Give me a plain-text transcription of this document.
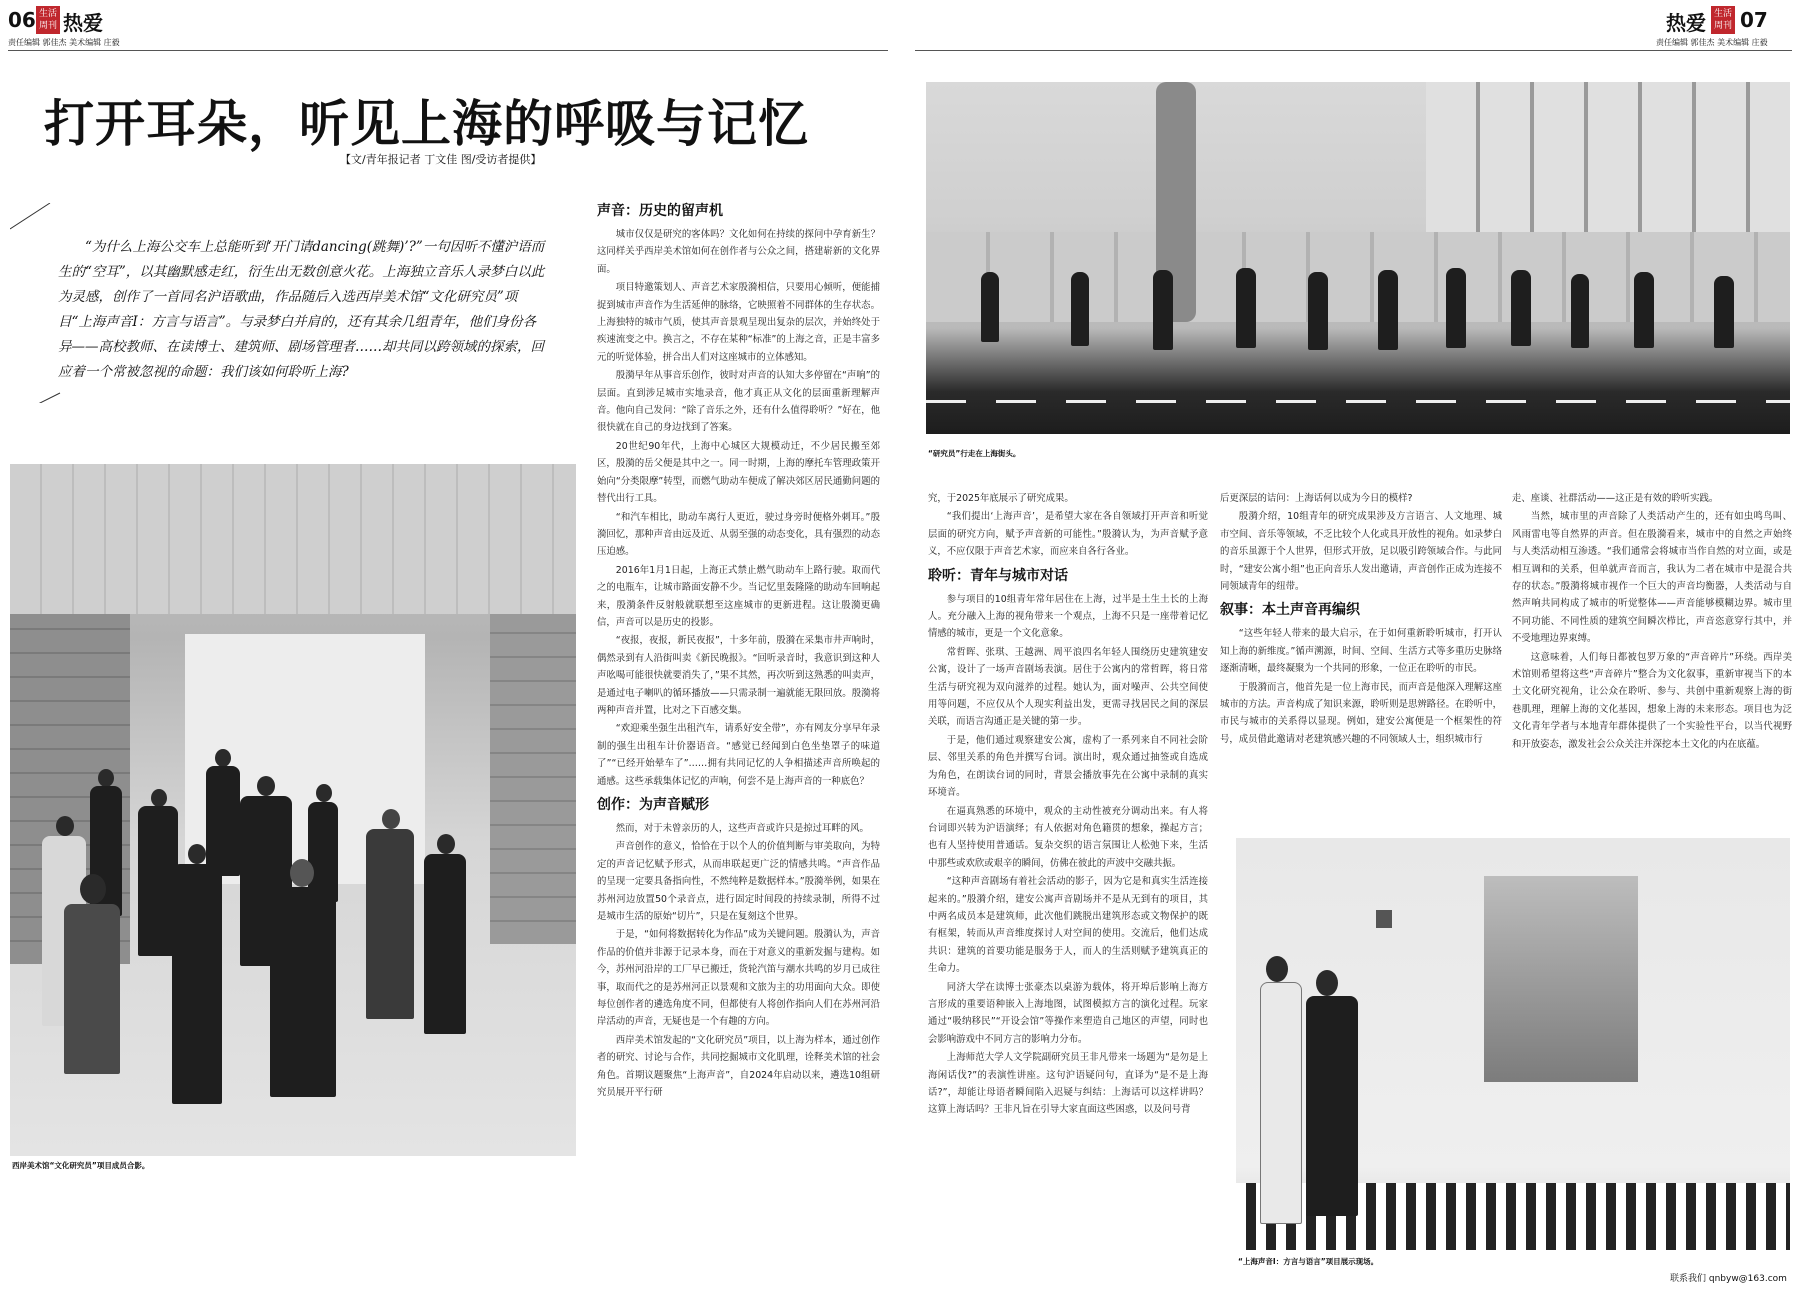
06 生活周刊 热爱
责任编辑 郭佳杰 美术编辑 庄毅
热爱 生活周刊 07
责任编辑 郭佳杰 美术编辑 庄毅
打开耳朵，听见上海的呼吸与记忆
【文/青年报记者 丁文佳 图/受访者提供】

“为什么上海公交车上总能听到‘开门请dancing(跳舞)’?”一句因听不懂沪语而生的“空耳”，以其幽默感走红，衍生出无数创意火花。上海独立音乐人录梦白以此为灵感，创作了一首同名沪语歌曲，作品随后入选西岸美术馆“文化研究员”项目“上海声音Ⅰ：方言与语言”。与录梦白并肩的，还有其余几组青年，他们身份各异——高校教师、在读博士、建筑师、剧场管理者……却共同以跨领域的探索，回应着一个常被忽视的命题：我们该如何聆听上海?

西岸美术馆“文化研究员”项目成员合影。
声音：历史的留声机

城市仅仅是研究的客体吗？文化如何在持续的探问中孕育新生？这同样关乎西岸美术馆如何在创作者与公众之间，搭建崭新的文化界面。

项目特邀策划人、声音艺术家殷漪相信，只要用心倾听，便能捕捉到城市声音作为生活延伸的脉络，它映照着不同群体的生存状态。上海独特的城市气质，使其声音景观呈现出复杂的层次，并始终处于疾速流变之中。换言之，不存在某种“标准”的上海之音，正是丰富多元的听觉体验，拼合出人们对这座城市的立体感知。

殷漪早年从事音乐创作，彼时对声音的认知大多停留在“声响”的层面。直到涉足城市实地录音，他才真正从文化的层面重新理解声音。他向自己发问：“除了音乐之外，还有什么值得聆听？”好在，他很快就在自己的身边找到了答案。

20世纪90年代，上海中心城区大规模动迁，不少居民搬至郊区，殷漪的岳父便是其中之一。同一时期，上海的摩托车管理政策开始向“分类限摩”转型，而燃气助动车便成了解决郊区居民通勤问题的替代出行工具。

“和汽车相比，助动车离行人更近，驶过身旁时便格外刺耳。”殷漪回忆，那种声音由远及近、从弱至强的动态变化，具有强烈的动态压迫感。

2016年1月1日起，上海正式禁止燃气助动车上路行驶。取而代之的电瓶车，让城市路面安静不少。当记忆里轰隆隆的助动车回响起来，殷漪条件反射般就联想至这座城市的更新进程。这让殷漪更确信，声音可以是历史的投影。

“夜报，夜报，新民夜报”，十多年前，殷漪在采集市井声响时，偶然录到有人沿街叫卖《新民晚报》。“回听录音时，我意识到这种人声吆喝可能很快就要消失了，”果不其然，再次听到这熟悉的叫卖声，是通过电子喇叭的循环播放——只需录制一遍就能无限回放。殷漪将两种声音并置，比对之下百感交集。

“欢迎乘坐强生出租汽车，请系好安全带”，亦有网友分享早年录制的强生出租车计价器语音。“感觉已经闻到白色坐垫罩子的味道了”“已经开始晕车了”……拥有共同记忆的人争相描述声音所唤起的通感。这些承载集体记忆的声响，何尝不是上海声音的一种底色？

创作：为声音赋形

然而，对于未曾亲历的人，这些声音或许只是掠过耳畔的风。

声音创作的意义，恰恰在于以个人的价值判断与审美取向，为特定的声音记忆赋予形式，从而串联起更广泛的情感共鸣。“声音作品的呈现一定要具备指向性，不然纯粹是数据样本。”殷漪举例，如果在苏州河边放置50个录音点，进行固定时间段的持续录制，所得不过是城市生活的原始“切片”，只是在复刻这个世界。

于是，“如何将数据转化为作品”成为关键问题。殷漪认为，声音作品的价值并非源于记录本身，而在于对意义的重新发掘与建构。如今，苏州河沿岸的工厂早已搬迁，货轮汽笛与潮水共鸣的岁月已成往事，取而代之的是苏州河正以景观和文旅为主的功用面向大众。即使每位创作者的遴选角度不同，但都使有人将创作指向人们在苏州河沿岸活动的声音，无疑也是一个有趣的方向。

西岸美术馆发起的“文化研究员”项目，以上海为样本，通过创作者的研究、讨论与合作，共同挖掘城市文化肌理，诠释美术馆的社会角色。首期议题聚焦“上海声音”，自2024年启动以来，遴选10组研究员展开平行研

“研究员”行走在上海街头。

究，于2025年底展示了研究成果。

“我们提出‘上海声音’，是希望大家在各自领域打开声音和听觉层面的研究方向，赋予声音新的可能性。”殷漪认为，为声音赋予意义，不应仅限于声音艺术家，而应来自各行各业。

聆听：青年与城市对话

参与项目的10组青年常年居住在上海，过半是土生土长的上海人。充分融入上海的视角带来一个观点，上海不只是一座带着记忆情感的城市，更是一个文化意象。

常哲晖、张琪、王越洲、周平浪四名年轻人围绕历史建筑建安公寓，设计了一场声音剧场表演。居住于公寓内的常哲晖，将日常生活与研究视为双向滋养的过程。她认为，面对噪声、公共空间使用等问题，不应仅从个人现实利益出发，更需寻找居民之间的深层关联，而语言沟通正是关键的第一步。

于是，他们通过观察建安公寓，虚构了一系列来自不同社会阶层、邻里关系的角色并撰写台词。演出时，观众通过抽签或自选成为角色，在朗读台词的同时，背景会播放事先在公寓中录制的真实环境音。

在逼真熟悉的环境中，观众的主动性被充分调动出来。有人将台词即兴转为沪语演绎；有人依据对角色籍贯的想象，操起方言；也有人坚持使用普通话。复杂交织的语言氛围让人松弛下来，生活中那些或欢欣或艰辛的瞬间，仿佛在彼此的声波中交融共振。

“这种声音剧场有着社会活动的影子，因为它是和真实生活连接起来的。”殷漪介绍，建安公寓声音剧场并不是从无到有的项目，其中两名成员本是建筑师，此次他们跳脱出建筑形态或文物保护的既有框架，转而从声音维度探讨人对空间的使用。交流后，他们达成共识：建筑的首要功能是服务于人，而人的生活则赋予建筑真正的生命力。

同济大学在读博士张豪杰以桌游为载体，将开埠后影响上海方言形成的重要语种嵌入上海地图，试图模拟方言的演化过程。玩家通过“吸纳移民”“开设会馆”等操作来塑造自己地区的声望，同时也会影响游戏中不同方言的影响力分布。

上海师范大学人文学院副研究员王非凡带来一场题为“是勿是上海闲话伐?”的表演性讲座。这句沪语疑问句，直译为“是不是上海话?”，却能让母语者瞬间陷入迟疑与纠结：上海话可以这样讲吗？这算上海话吗？王非凡旨在引导大家直面这些困惑，以及问号背

后更深层的诘问：上海话何以成为今日的模样?

殷漪介绍，10组青年的研究成果涉及方言语言、人文地理、城市空间、音乐等领域，不乏比较个人化或具开放性的视角。如录梦白的音乐虽源于个人世界，但形式开放，足以吸引跨领域合作。与此同时，“建安公寓小组”也正向音乐人发出邀请，声音创作正成为连接不同领域青年的纽带。

叙事：本土声音再编织

“这些年轻人带来的最大启示，在于如何重新聆听城市，打开认知上海的新维度。”循声溯源，时间、空间、生活方式等多重历史脉络逐渐清晰，最终凝聚为一个共同的形象，一位正在聆听的市民。

于殷漪而言，他首先是一位上海市民，而声音是他深入理解这座城市的方法。声音构成了知识来源，聆听则是思辨路径。在聆听中，市民与城市的关系得以显现。例如，建安公寓便是一个框架性的符号，成员借此邀请对老建筑感兴趣的不同领域人士，组织城市行

走、座谈、社群活动——这正是有效的聆听实践。

当然，城市里的声音除了人类活动产生的，还有如虫鸣鸟叫、风雨雷电等自然界的声音。但在殷漪看来，城市中的自然之声始终与人类活动相互渗透。“我们通常会将城市当作自然的对立面，或是相互调和的关系，但单就声音而言，我认为二者在城市中是混合共存的状态。”殷漪将城市视作一个巨大的声音均衡器，人类活动与自然声响共同构成了城市的听觉整体——声音能够模糊边界。城市里不同功能、不同性质的建筑空间瞬次栉比，声音恣意穿行其中，并不受地理边界束缚。

这意味着，人们每日都被包罗万象的“声音碎片”环绕。西岸美术馆则希望将这些“声音碎片”整合为文化叙事，重新审视当下的本土文化研究视角，让公众在聆听、参与、共创中重新观察上海的街巷肌理，理解上海的文化基因，想象上海的未来形态。项目也为泛文化青年学者与本地青年群体提供了一个实验性平台，以当代视野和开放姿态，激发社会公众关注并深挖本土文化的内在底蕴。

“上海声音Ⅰ：方言与语言”项目展示现场。
联系我们 qnbyw@163.com
